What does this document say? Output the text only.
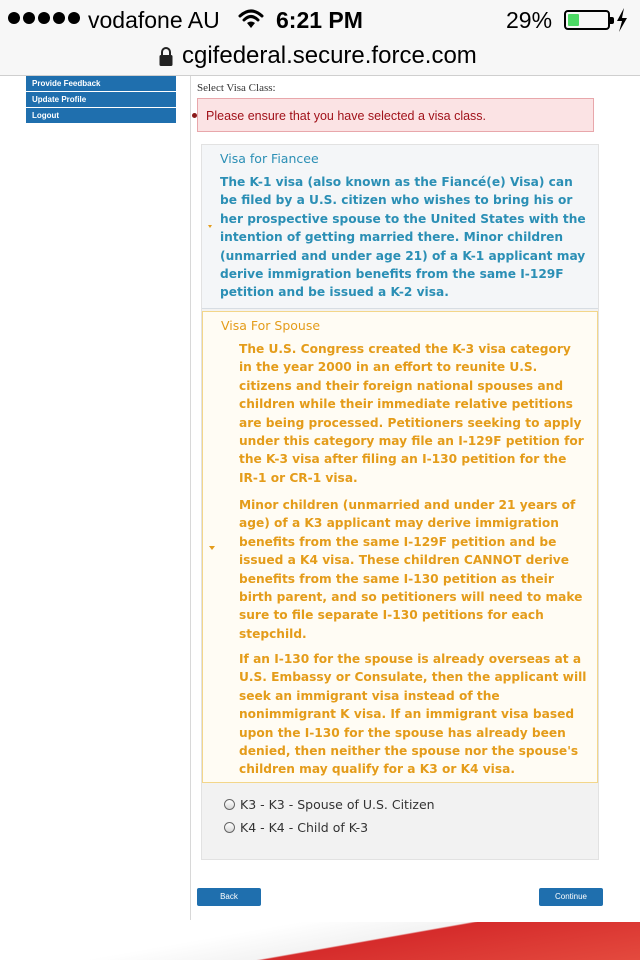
vodafone AU 6:21 PM	29%
cgifederal.secure.force.com
Provide Feedback
Update Profile
Logout
Select Visa Class:
Please ensure that you have selected a visa class.
Visa for Fiancee
The K-1 visa (also known as the Fiancé(e) Visa) can be filed by a U.S. citizen who wishes to bring his or her prospective spouse to the United States with the intention of getting married there. Minor children (unmarried and under age 21) of a K-1 applicant may derive immigration benefits from the same I-129F petition and be issued a K-2 visa.
Visa For Spouse
The U.S. Congress created the K-3 visa category in the year 2000 in an effort to reunite U.S. citizens and their foreign national spouses and children while their immediate relative petitions are being processed. Petitioners seeking to apply under this category may file an I-129F petition for the K-3 visa after filing an I-130 petition for the IR-1 or CR-1 visa.
Minor children (unmarried and under 21 years of age) of a K3 applicant may derive immigration benefits from the same I-129F petition and be issued a K4 visa. These children CANNOT derive benefits from the same I-130 petition as their birth parent, and so petitioners will need to make sure to file separate I-130 petitions for each stepchild.
If an I-130 for the spouse is already overseas at a U.S. Embassy or Consulate, then the applicant will seek an immigrant visa instead of the nonimmigrant K visa. If an immigrant visa based upon the I-130 for the spouse has already been denied, then neither the spouse nor the spouse's children may qualify for a K3 or K4 visa.
K3 - K3 - Spouse of U.S. Citizen
K4 - K4 - Child of K-3
Back	Continue
